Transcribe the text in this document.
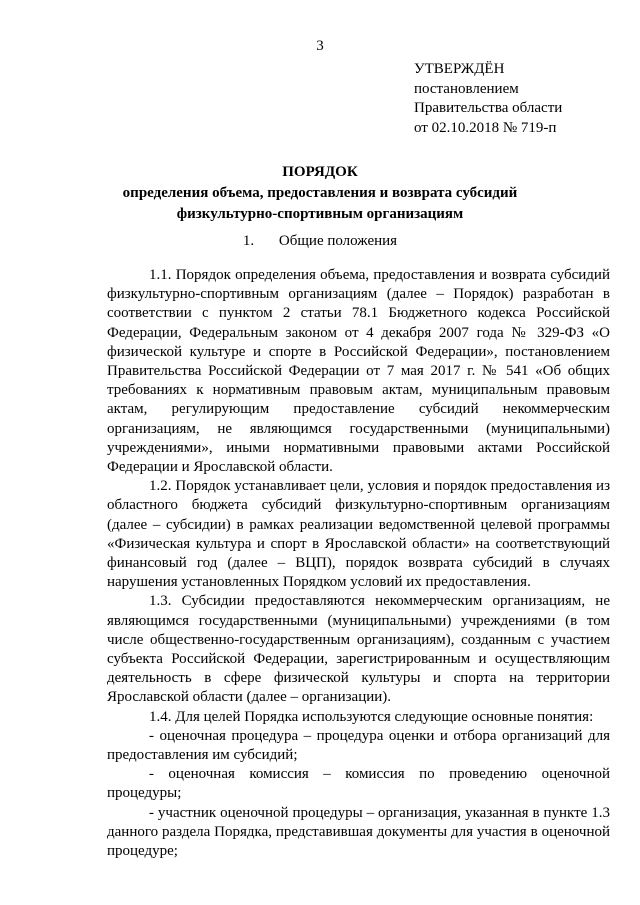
3
УТВЕРЖДЁН
постановлением
Правительства области
от 02.10.2018 № 719-п
ПОРЯДОК
определения объема, предоставления и возврата субсидий
физкультурно-спортивным организациям
1. Общие положения

1.1. Порядок определения объема, предоставления и возврата субсидий физкультурно-спортивным организациям (далее – Порядок) разработан в соответствии с пунктом 2 статьи 78.1 Бюджетного кодекса Российской Федерации, Федеральным законом от 4 декабря 2007 года № 329-ФЗ «О физической культуре и спорте в Российской Федерации», постановлением Правительства Российской Федерации от 7 мая 2017 г. № 541 «Об общих требованиях к нормативным правовым актам, муниципальным правовым актам, регулирующим предоставление субсидий некоммерческим организациям, не являющимся государственными (муниципальными) учреждениями», иными нормативными правовыми актами Российской Федерации и Ярославской области.

1.2. Порядок устанавливает цели, условия и порядок предоставления из областного бюджета субсидий физкультурно-спортивным организациям (далее – субсидии) в рамках реализации ведомственной целевой программы «Физическая культура и спорт в Ярославской области» на соответствующий финансовый год (далее – ВЦП), порядок возврата субсидий в случаях нарушения установленных Порядком условий их предоставления.

1.3. Субсидии предоставляются некоммерческим организациям, не являющимся государственными (муниципальными) учреждениями (в том числе общественно-государственным организациям), созданным с участием субъекта Российской Федерации, зарегистрированным и осуществляющим деятельность в сфере физической культуры и спорта на территории Ярославской области (далее – организации).

1.4. Для целей Порядка используются следующие основные понятия:

- оценочная процедура – процедура оценки и отбора организаций для предоставления им субсидий;

- оценочная комиссия – комиссия по проведению оценочной процедуры;

- участник оценочной процедуры – организация, указанная в пункте 1.3 данного раздела Порядка, представившая документы для участия в оценочной процедуре;
